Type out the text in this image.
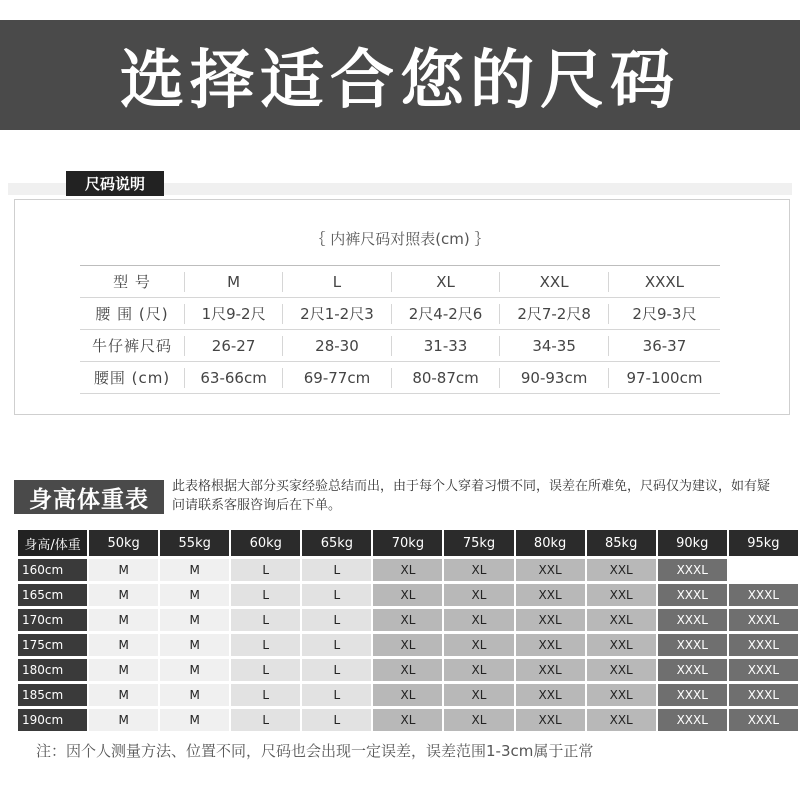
选择适合您的尺码
尺码说明
｛ 内裤尺码对照表(cm) ｝
型 号	M	L	XL	XXL	XXXL

腰 围 (尺)	1尺9-2尺	2尺1-2尺3	2尺4-2尺6	2尺7-2尺8	2尺9-3尺

牛仔裤尺码	26-27	28-30	31-33	34-35	36-37

腰围 (cm)	63-66cm	69-77cm	80-87cm	90-93cm	97-100cm
身高体重表	此表格根据大部分买家经验总结而出，由于每个人穿着习惯不同，误差在所难免，尺码仅为建议，如有疑问请联系客服咨询后在下单。
身高/体重	50kg	55kg	60kg	65kg	70kg	75kg	80kg	85kg	90kg	95kg
160cm	M	M	L	L	XL	XL	XXL	XXL	XXXL	
165cm	M	M	L	L	XL	XL	XXL	XXL	XXXL	XXXL
170cm	M	M	L	L	XL	XL	XXL	XXL	XXXL	XXXL
175cm	M	M	L	L	XL	XL	XXL	XXL	XXXL	XXXL
180cm	M	M	L	L	XL	XL	XXL	XXL	XXXL	XXXL
185cm	M	M	L	L	XL	XL	XXL	XXL	XXXL	XXXL
190cm	M	M	L	L	XL	XL	XXL	XXL	XXXL	XXXL
注：因个人测量方法、位置不同，尺码也会出现一定误差，误差范围1-3cm属于正常
